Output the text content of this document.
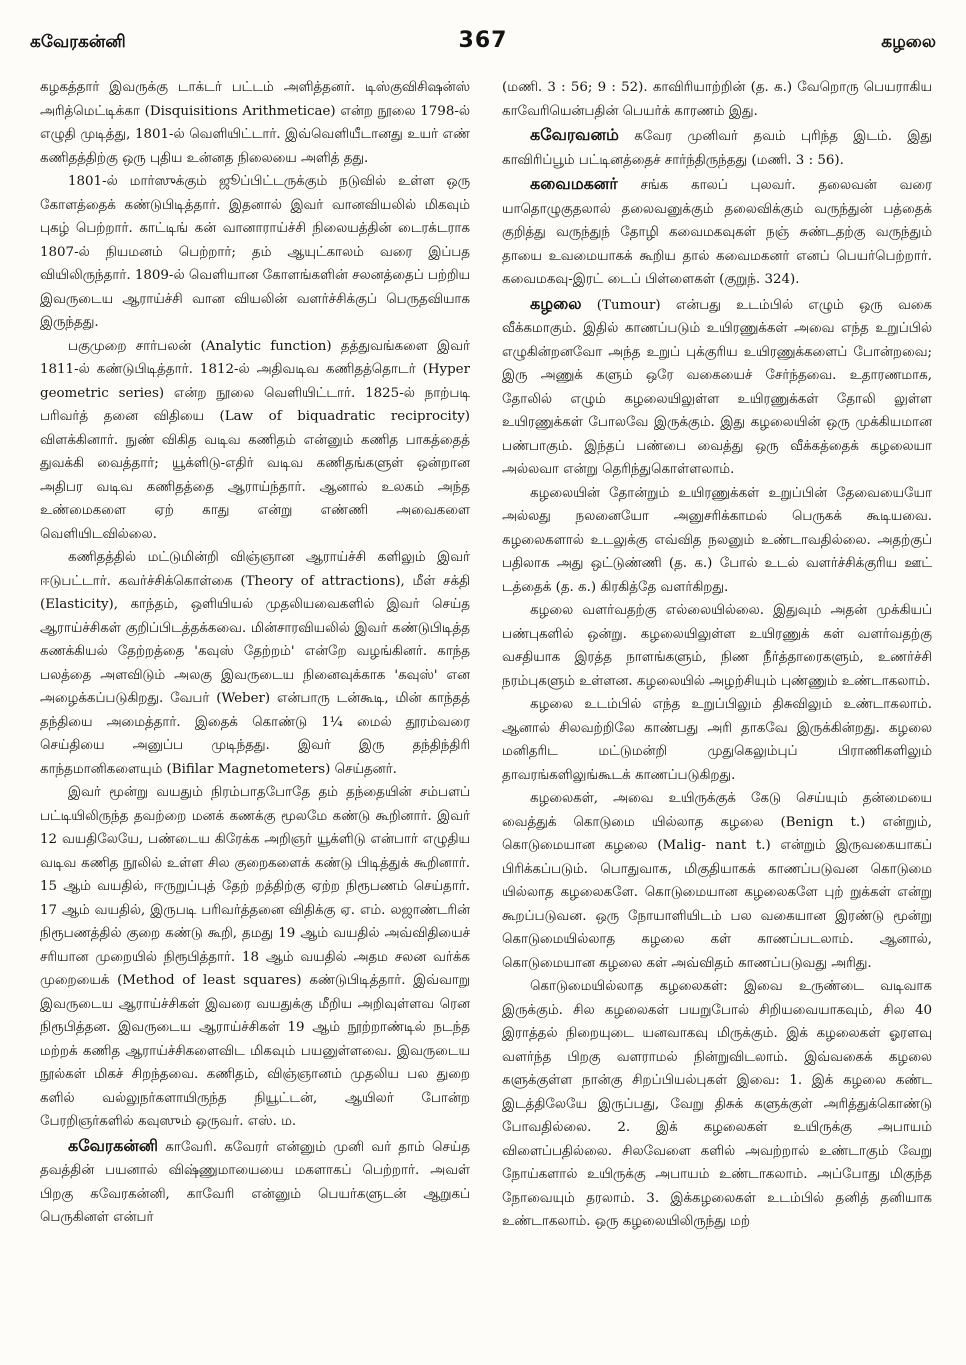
கவேரகன்னி	367	கழலை

கழகத்தார் இவருக்கு டாக்டர் பட்டம் அளித்தனர். டிஸ்குவிசிஷன்ஸ் அரித்மெட்டிக்கா (Disquisitions Arithmeticae) என்ற நூலை 1798-ல் எழுதி முடித்து, 1801-ல் வெளியிட்டார். இவ்வெளியீடானது உயர் எண் கணிதத்திற்கு ஒரு புதிய உன்னத நிலையை அளித் தது.

1801-ல் மார்ஸுக்கும் ஜூப்பிட்டருக்கும் நடுவில் உள்ள ஒரு கோளத்தைக் கண்டுபிடித்தார். இதனால் இவர் வானவியலில் மிகவும் புகழ் பெற்றார். காட்டிங் கன் வானாராய்ச்சி நிலையத்தின் டைரக்டராக 1807-ல் நியமனம் பெற்றார்; தம் ஆயுட்காலம் வரை இப்பத வியிலிருந்தார். 1809-ல் வெளியான கோளங்களின் சலனத்தைப் பற்றிய இவருடைய ஆராய்ச்சி வான வியலின் வளர்ச்சிக்குப் பெருதவியாக இருந்தது.

பகுமுறை சார்பலன் (Analytic function) தத்துவங்களை இவர் 1811-ல் கண்டுபிடித்தார். 1812-ல் அதிவடிவ கணிதத்தொடர் (Hyper geometric series) என்ற நூலை வெளியிட்டார். 1825-ல் நாற்படி பரிவர்த் தனை விதியை (Law of biquadratic reciprocity) விளக்கினார். நுண் விகித வடிவ கணிதம் என்னும் கணித பாகத்தைத் துவக்கி வைத்தார்; யூக்ளிடு-எதிர் வடிவ கணிதங்களுள் ஒன்றான அதிபர வடிவ கணிதத்தை ஆராய்ந்தார். ஆனால் உலகம் அந்த உண்மைகளை ஏற் காது என்று எண்ணி அவைகளை வெளியிடவில்லை.

கணிதத்தில் மட்டுமின்றி விஞ்ஞான ஆராய்ச்சி களிலும் இவர் ஈடுபட்டார். கவர்ச்சிக்கொள்கை (Theory of attractions), மீள் சக்தி (Elasticity), காந்தம், ஒளியியல் முதலியவைகளில் இவர் செய்த ஆராய்ச்சிகள் குறிப்பிடத்தக்கவை. மின்சாரவியலில் இவர் கண்டுபிடித்த கணக்கியல் தேற்றத்தை 'கவுஸ் தேற்றம்' என்றே வழங்கினர். காந்த பலத்தை அளவிடும் அலகு இவருடைய நினைவுக்காக 'கவுஸ்' என அழைக்கப்படுகிறது. வேபர் (Weber) என்பாரு டன்கூடி, மின் காந்தத் தந்தியை அமைத்தார். இதைக் கொண்டு 1¼ மைல் தூரம்வரை செய்தியை அனுப்ப முடிந்தது. இவர் இரு தந்திந்திரி காந்தமானிகளையும் (Bifilar Magnetometers) செய்தனர்.

இவர் மூன்று வயதும் நிரம்பாதபோதே தம் தந்தையின் சம்பளப் பட்டியிலிருந்த தவற்றை மனக் கணக்கு மூலமே கண்டு கூறினார். இவர் 12 வயதிலேயே, பண்டைய கிரேக்க அறிஞர் யூக்ளிடு என்பார் எழுதிய வடிவ கணித நூலில் உள்ள சில குறைகளைக் கண்டு பிடித்துக் கூறினார். 15 ஆம் வயதில், ஈருறுப்புத் தேற் றத்திற்கு ஏற்ற நிரூபணம் செய்தார். 17 ஆம் வயதில், இருபடி பரிவர்த்தனை விதிக்கு ஏ. எம். லஜாண்டரின் நிரூபணத்தில் குறை கண்டு கூறி, தமது 19 ஆம் வயதில் அவ்விதியைச் சரியான முறையில் நிரூபித்தார். 18 ஆம் வயதில் அதம சலன வர்க்க முறையைக் (Method of least squares) கண்டுபிடித்தார். இவ்வாறு இவருடைய ஆராய்ச்சிகள் இவரை வயதுக்கு மீறிய அறிவுள்ளவ ரென நிரூபித்தன. இவருடைய ஆராய்ச்சிகள் 19 ஆம் நூற்றாண்டில் நடந்த மற்றக் கணித ஆராய்ச்சிகளைவிட மிகவும் பயனுள்ளவை. இவருடைய நூல்கள் மிகச் சிறந்தவை. கணிதம், விஞ்ஞானம் முதலிய பல துறை களில் வல்லுநர்களாயிருந்த நியூட்டன், ஆயிலர் போன்ற பேரறிஞர்களில் கவுஸும் ஒருவர். எஸ். ம.

கவேரகன்னி காவேரி. கவேரர் என்னும் முனி வர் தாம் செய்த தவத்தின் பயனால் விஷ்ணுமாயையை மகளாகப் பெற்றார். அவள் பிறகு கவேரகன்னி, காவேரி என்னும் பெயர்களுடன் ஆறுகப் பெருகினள் என்பர்

(மணி. 3 : 56; 9 : 52). காவிரியாற்றின் (த. க.) வேறொரு பெயராகிய காவேரியென்பதின் பெயர்க் காரணம் இது.

கவேரவனம் கவேர முனிவர் தவம் புரிந்த இடம். இது காவிரிப்பூம் பட்டினத்தைச் சார்ந்திருந்தது (மணி. 3 : 56).

கவைமகனர் சங்க காலப் புலவர். தலைவன் வரை யாதொழுகுதலால் தலைவனுக்கும் தலைவிக்கும் வருந்துன் பத்தைக் குறித்து வருந்துந் தோழி கவைமகவுகள் நஞ் சுண்டதற்கு வருந்தும் தாயை உவமையாகக் கூறிய தால் கவைமகனர் எனப் பெயர்பெற்றார். கவைமகவு-இரட் டைப் பிள்ளைகள் (குறுந். 324).

கழலை (Tumour) என்பது உடம்பில் எழும் ஒரு வகை வீக்கமாகும். இதில் காணப்படும் உயிரணுக்கள் அவை எந்த உறுப்பில் எழுகின்றனவோ அந்த உறுப் புக்குரிய உயிரணுக்களைப் போன்றவை; இரு அணுக் களும் ஒரே வகையைச் சேர்ந்தவை. உதாரணமாக, தோலில் எழும் கழலையிலுள்ள உயிரணுக்கள் தோலி லுள்ள உயிரணுக்கள் போலவே இருக்கும். இது கழலையின் ஒரு முக்கியமான பண்பாகும். இந்தப் பண்பை வைத்து ஒரு வீக்கத்தைக் கழலையா அல்லவா என்று தெரிந்துகொள்ளலாம்.

கழலையின் தோன்றும் உயிரணுக்கள் உறுப்பின் தேவையையோ அல்லது நலனையோ அனுசரிக்காமல் பெருகக் கூடியவை. கழலைகளால் உடலுக்கு எவ்வித நலனும் உண்டாவதில்லை. அதற்குப் பதிலாக அது ஒட்டுண்ணி (த. க.) போல் உடல் வளர்ச்சிக்குரிய ஊட் டத்தைக் (த. க.) கிரகித்தே வளர்கிறது.

கழலை வளர்வதற்கு எல்லையில்லை. இதுவும் அதன் முக்கியப் பண்புகளில் ஒன்று. கழலையிலுள்ள உயிரணுக் கள் வளர்வதற்கு வசதியாக இரத்த நாளங்களும், நிண நீர்த்தாரைகளும், உணர்ச்சி நரம்புகளும் உள்ளன. கழலையில் அழற்சியும் புண்ணும் உண்டாகலாம்.

கழலை உடம்பில் எந்த உறுப்பிலும் திசுவிலும் உண்டாகலாம். ஆனால் சிலவற்றிலே காண்பது அரி தாகவே இருக்கின்றது. கழலை மனிதரிட மட்டுமன்றி முதுகெலும்புப் பிராணிகளிலும் தாவரங்களிலுங்கூடக் காணப்படுகிறது.

கழலைகள், அவை உயிருக்குக் கேடு செய்யும் தன்மையை வைத்துக் கொடுமை யில்லாத கழலை (Benign t.) என்றும், கொடுமையான கழலை (Malig- nant t.) என்றும் இருவகையாகப் பிரிக்கப்படும். பொதுவாக, மிகுதியாகக் காணப்படுவன கொடுமை யில்லாத கழலைகளே. கொடுமையான கழலைகளே புற் றுக்கள் என்று கூறப்படுவன. ஒரு நோயாளியிடம் பல வகையான இரண்டு மூன்று கொடுமையில்லாத கழலை கள் காணப்படலாம். ஆனால், கொடுமையான கழலை கள் அவ்விதம் காணப்படுவது அரிது.

கொடுமையில்லாத கழலைகள்: இவை உருண்டை வடிவாக இருக்கும். சில கழலைகள் பயறுபோல் சிறியவையாகவும், சில 40 இராத்தல் நிறையுடை யனவாகவு மிருக்கும். இக் கழலைகள் ஓரளவு வளர்ந்த பிறகு வளராமல் நின்றுவிடலாம். இவ்வகைக் கழலை களுக்குள்ள நான்கு சிறப்பியல்புகள் இவை: 1. இக் கழலை கண்ட இடத்திலேயே இருப்பது, வேறு திசுக் களுக்குள் அரித்துக்கொண்டு போவதில்லை. 2. இக் கழலைகள் உயிருக்கு அபாயம் விளைப்பதில்லை. சிலவேளை களில் அவற்றால் உண்டாகும் வேறு நோய்களால் உயிருக்கு அபாயம் உண்டாகலாம். அப்போது மிகுந்த நோவையும் தரலாம். 3. இக்கழலைகள் உடம்பில் தனித் தனியாக உண்டாகலாம். ஒரு கழலையிலிருந்து மற்
